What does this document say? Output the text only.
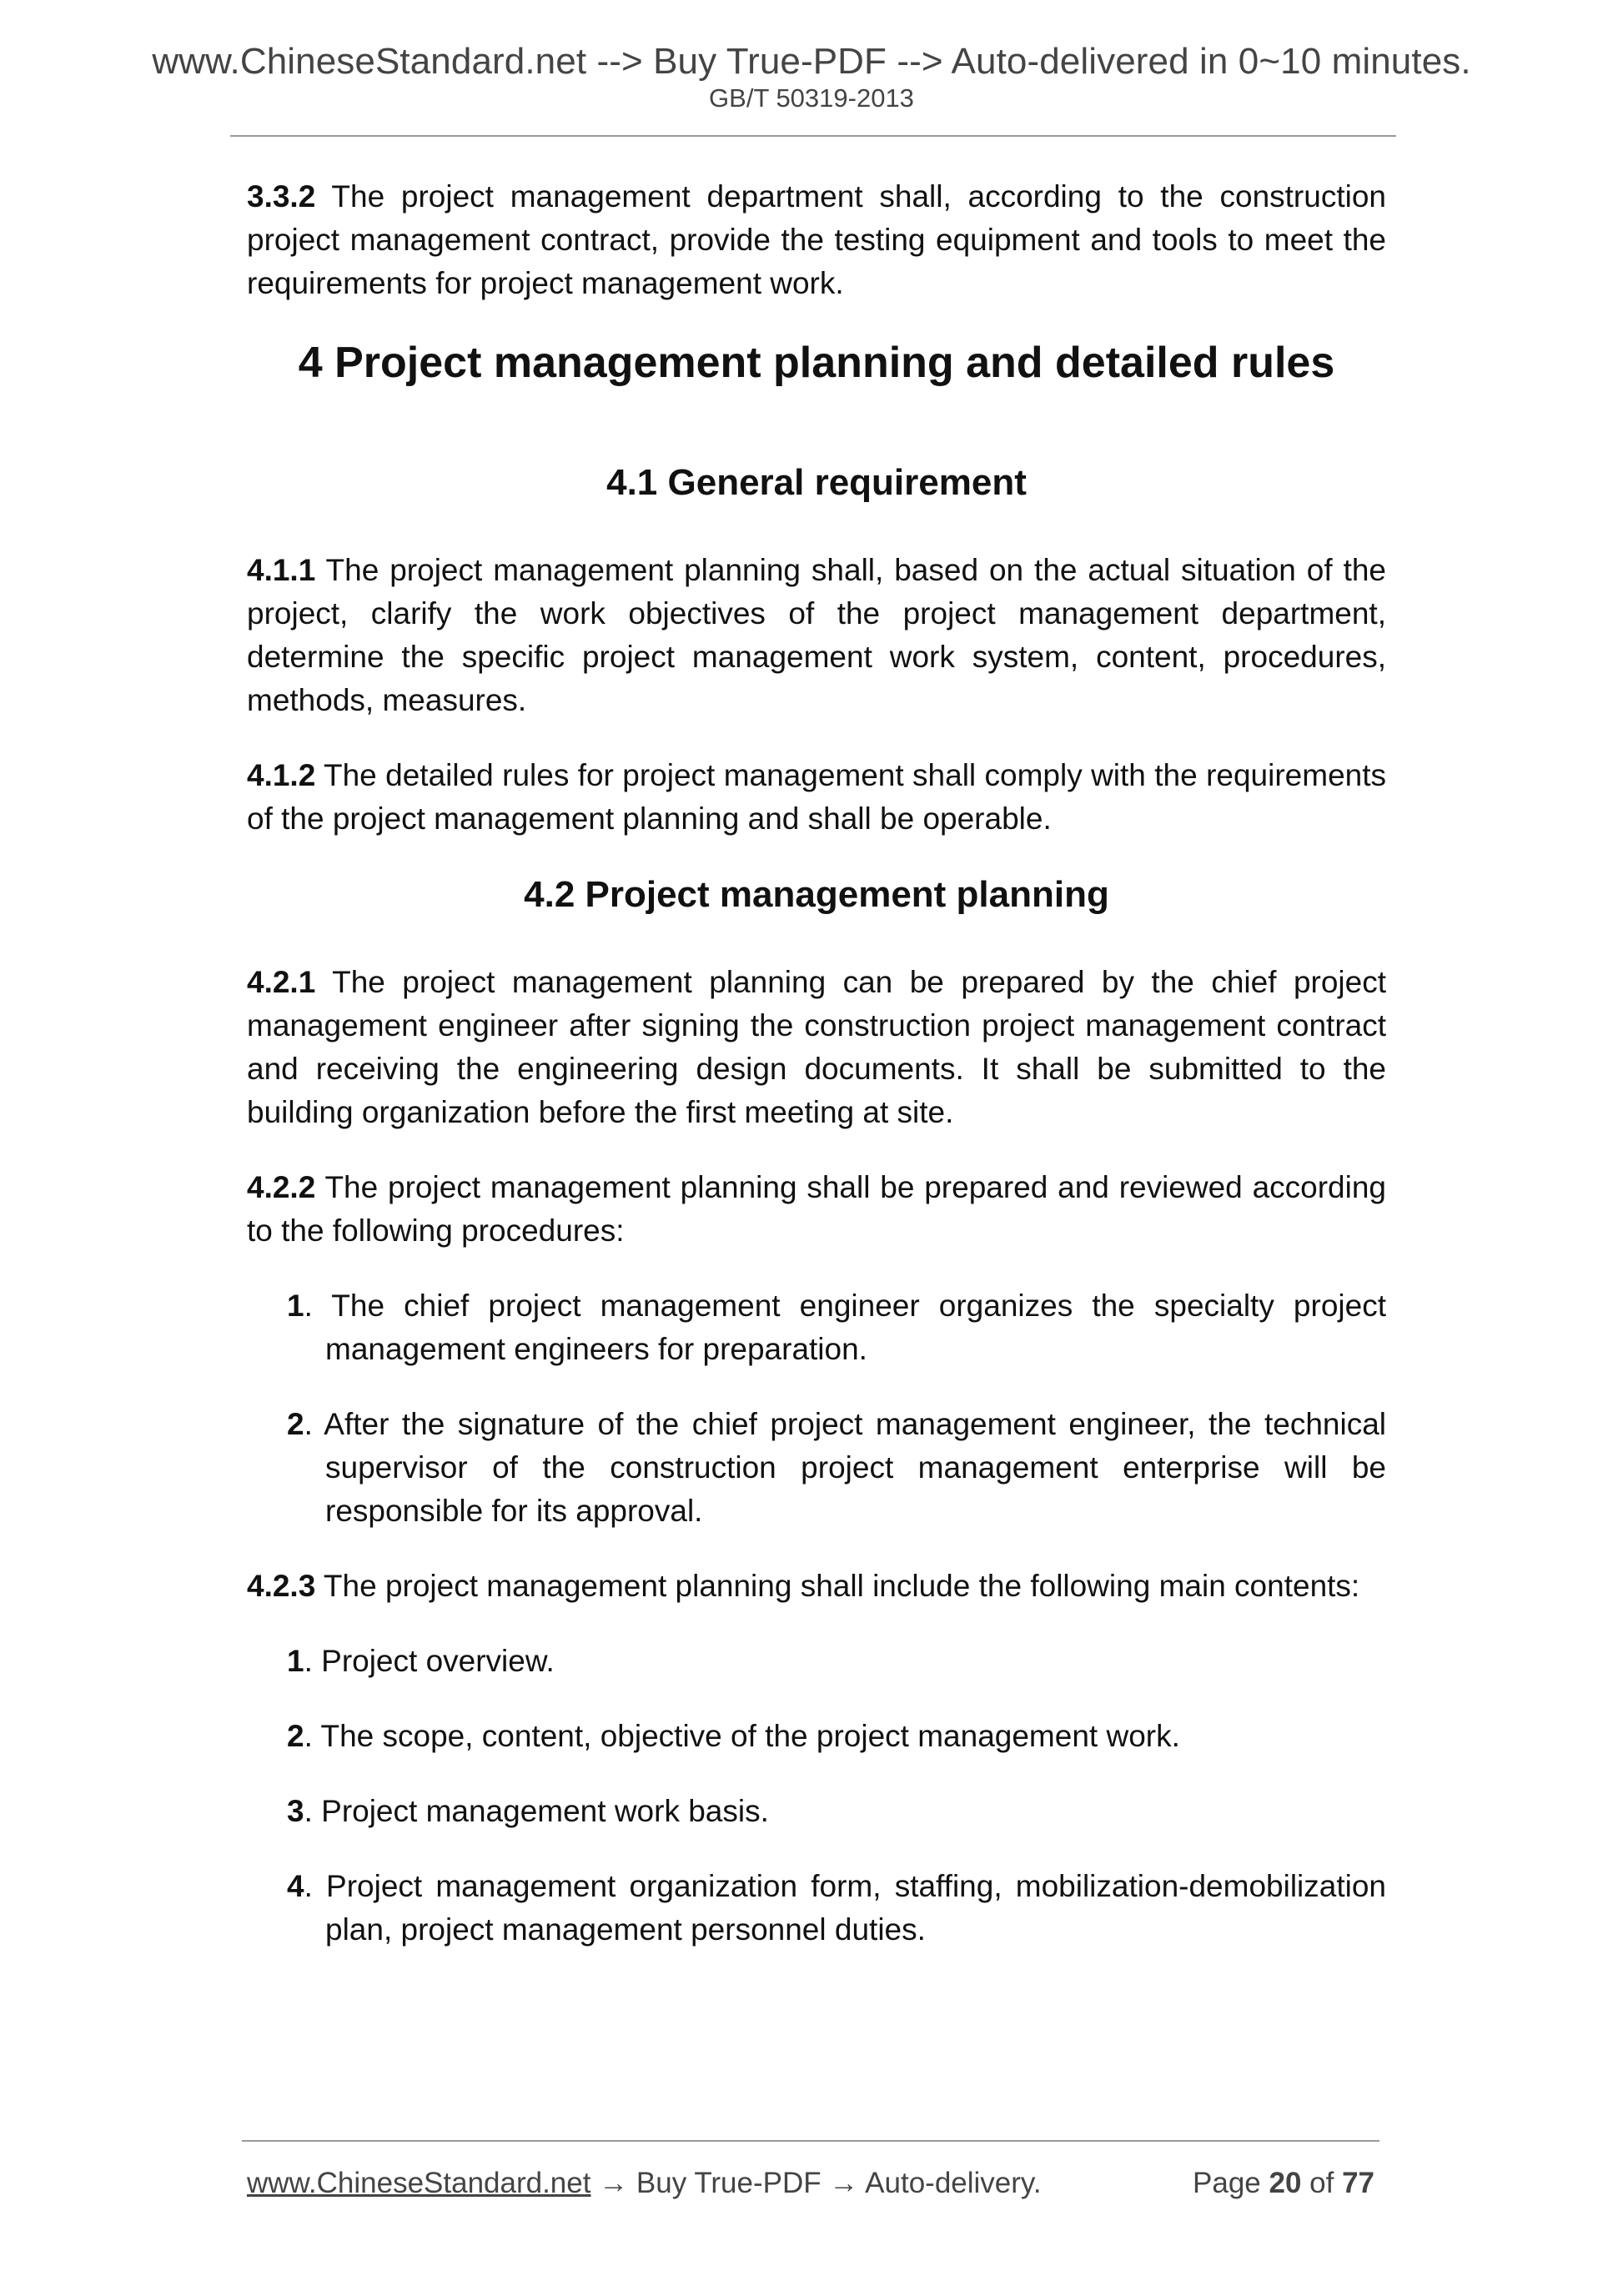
www.ChineseStandard.net --> Buy True-PDF --> Auto-delivered in 0~10 minutes.
GB/T 50319-2013

3.3.2 The project management department shall, according to the construction project management contract, provide the testing equipment and tools to meet the requirements for project management work.

4 Project management planning and detailed rules
4.1 General requirement

4.1.1 The project management planning shall, based on the actual situation of the project, clarify the work objectives of the project management department, determine the specific project management work system, content, procedures, methods, measures.

4.1.2 The detailed rules for project management shall comply with the requirements of the project management planning and shall be operable.

4.2 Project management planning

4.2.1 The project management planning can be prepared by the chief project management engineer after signing the construction project management contract and receiving the engineering design documents. It shall be submitted to the building organization before the first meeting at site.

4.2.2 The project management planning shall be prepared and reviewed according to the following procedures:

1. The chief project management engineer organizes the specialty project management engineers for preparation.

2. After the signature of the chief project management engineer, the technical supervisor of the construction project management enterprise will be responsible for its approval.

4.2.3 The project management planning shall include the following main contents:

1. Project overview.

2. The scope, content, objective of the project management work.

3. Project management work basis.

4. Project management organization form, staffing, mobilization-demobilization plan, project management personnel duties.

www.ChineseStandard.net → Buy True-PDF → Auto-delivery.	Page 20 of 77
